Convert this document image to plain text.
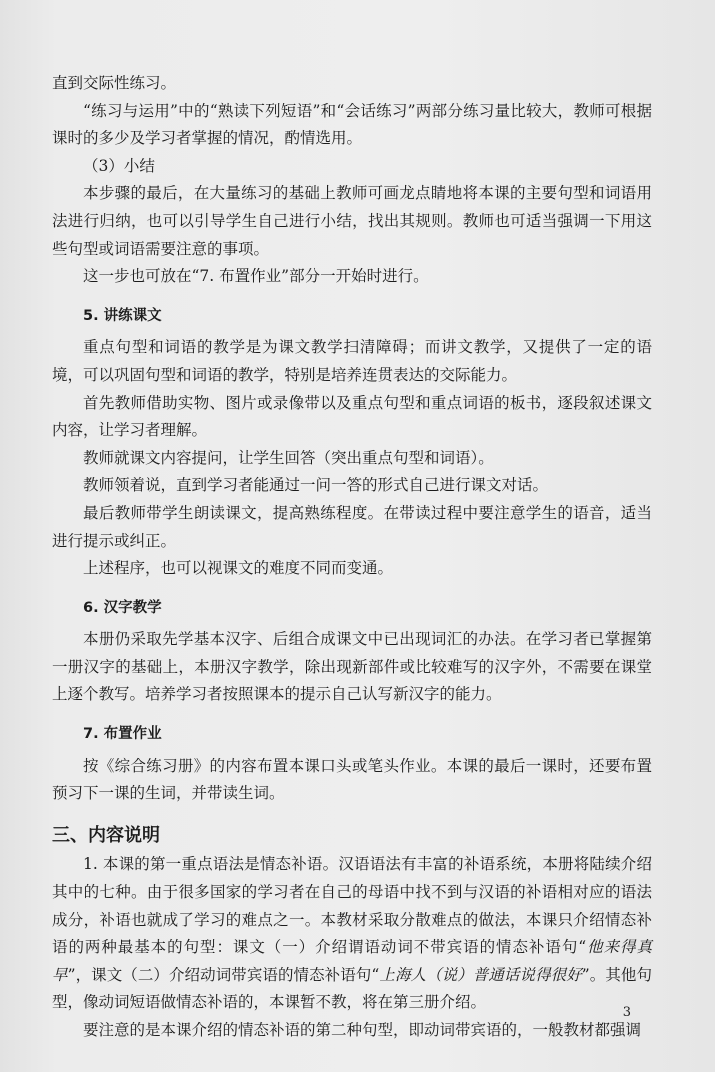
直到交际性练习。

“练习与运用”中的“熟读下列短语”和“会话练习”两部分练习量比较大，教师可根据课时的多少及学习者掌握的情况，酌情选用。

（3）小结

本步骤的最后，在大量练习的基础上教师可画龙点睛地将本课的主要句型和词语用法进行归纳，也可以引导学生自己进行小结，找出其规则。教师也可适当强调一下用这些句型或词语需要注意的事项。

这一步也可放在“7. 布置作业”部分一开始时进行。

5. 讲练课文

重点句型和词语的教学是为课文教学扫清障碍；而讲文教学，又提供了一定的语境，可以巩固句型和词语的教学，特别是培养连贯表达的交际能力。

首先教师借助实物、图片或录像带以及重点句型和重点词语的板书，逐段叙述课文内容，让学习者理解。

教师就课文内容提问，让学生回答（突出重点句型和词语）。

教师领着说，直到学习者能通过一问一答的形式自己进行课文对话。

最后教师带学生朗读课文，提高熟练程度。在带读过程中要注意学生的语音，适当进行提示或纠正。

上述程序，也可以视课文的难度不同而变通。

6. 汉字教学

本册仍采取先学基本汉字、后组合成课文中已出现词汇的办法。在学习者已掌握第一册汉字的基础上，本册汉字教学，除出现新部件或比较难写的汉字外，不需要在课堂上逐个教写。培养学习者按照课本的提示自己认写新汉字的能力。

7. 布置作业

按《综合练习册》的内容布置本课口头或笔头作业。本课的最后一课时，还要布置预习下一课的生词，并带读生词。

三、内容说明

1. 本课的第一重点语法是情态补语。汉语语法有丰富的补语系统，本册将陆续介绍其中的七种。由于很多国家的学习者在自己的母语中找不到与汉语的补语相对应的语法成分，补语也就成了学习的难点之一。本教材采取分散难点的做法，本课只介绍情态补语的两种最基本的句型：课文（一）介绍谓语动词不带宾语的情态补语句“他来得真早”，课文（二）介绍动词带宾语的情态补语句“上海人（说）普通话说得很好”。其他句型，像动词短语做情态补语的，本课暂不教，将在第三册介绍。

要注意的是本课介绍的情态补语的第二种句型，即动词带宾语的，一般教材都强调

3
